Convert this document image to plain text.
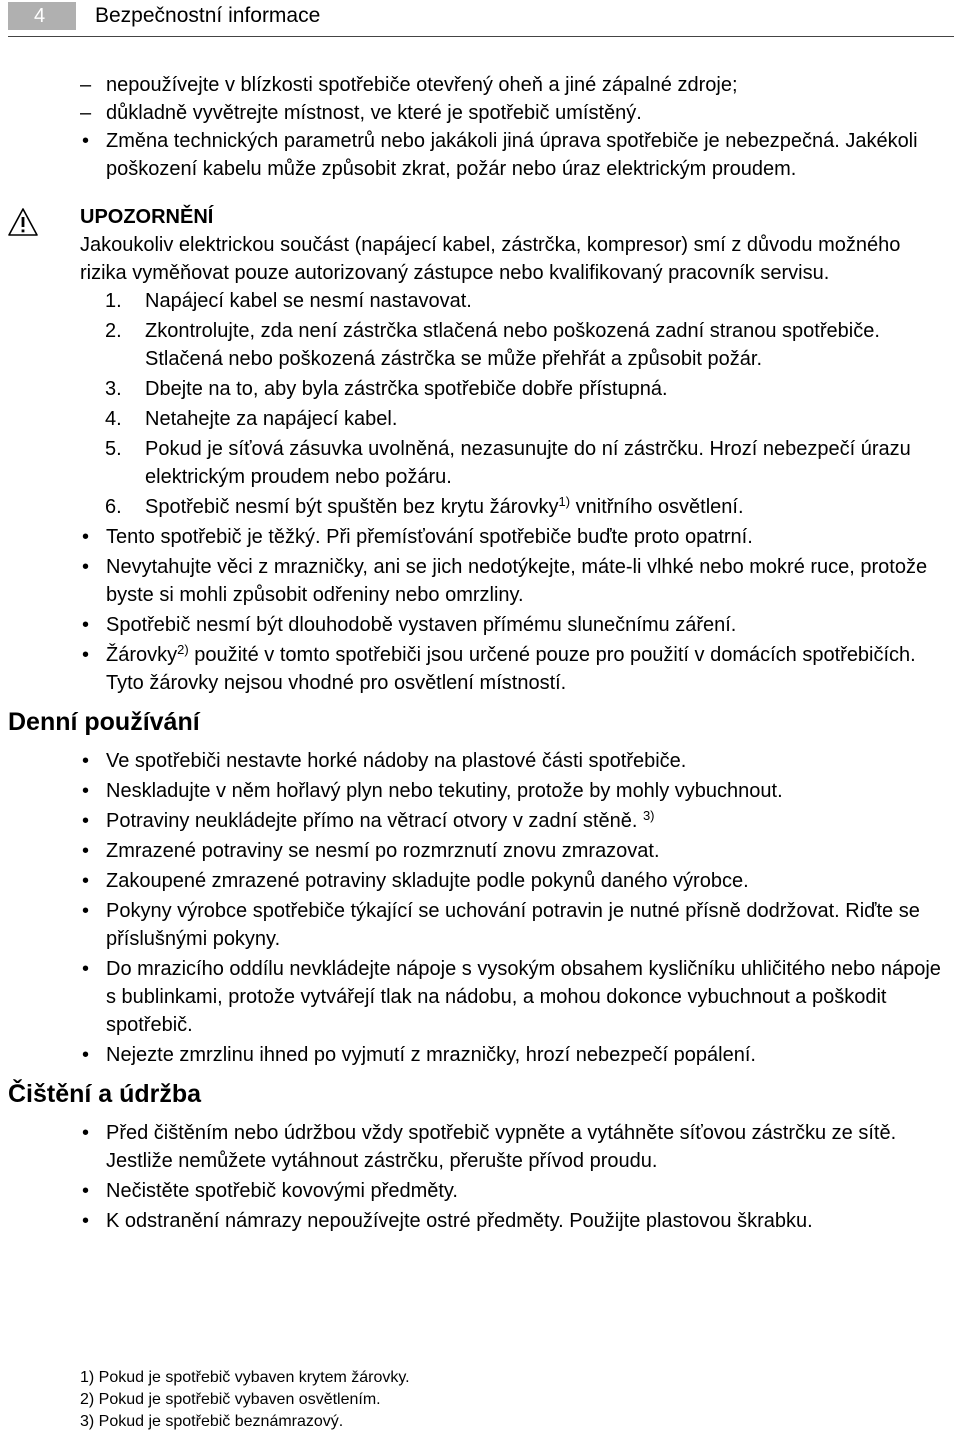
4	Bezpečnostní informace
– nepoužívejte v blízkosti spotřebiče otevřený oheň a jiné zápalné zdroje;
– důkladně vyvětrejte místnost, ve které je spotřebič umístěný.
• Změna technických parametrů nebo jakákoli jiná úprava spotřebiče je nebezpečná. Jakékoli poškození kabelu může způsobit zkrat, požár nebo úraz elektrickým proudem.

UPOZORNĚNÍ

Jakoukoliv elektrickou součást (napájecí kabel, zástrčka, kompresor) smí z důvodu možného rizika vyměňovat pouze autorizovaný zástupce nebo kvalifikovaný pracovník servisu.

1. Napájecí kabel se nesmí nastavovat.
2. Zkontrolujte, zda není zástrčka stlačená nebo poškozená zadní stranou spotřebiče. Stlačená nebo poškozená zástrčka se může přehřát a způsobit požár.
3. Dbejte na to, aby byla zástrčka spotřebiče dobře přístupná.
4. Netahejte za napájecí kabel.
5. Pokud je síťová zásuvka uvolněná, nezasunujte do ní zástrčku. Hrozí nebezpečí úrazu elektrickým proudem nebo požáru.
6. Spotřebič nesmí být spuštěn bez krytu žárovky$^{1)}$ vnitřního osvětlení.
• Tento spotřebič je těžký. Při přemísťování spotřebiče buďte proto opatrní.
• Nevytahujte věci z mrazničky, ani se jich nedotýkejte, máte-li vlhké nebo mokré ruce, protože byste si mohli způsobit odřeniny nebo omrzliny.
• Spotřebič nesmí být dlouhodobě vystaven přímému slunečnímu záření.
• Žárovky$^{2)}$ použité v tomto spotřebiči jsou určené pouze pro použití v domácích spotřebičích. Tyto žárovky nejsou vhodné pro osvětlení místností.
Denní používání
• Ve spotřebiči nestavte horké nádoby na plastové části spotřebiče.
• Neskladujte v něm hořlavý plyn nebo tekutiny, protože by mohly vybuchnout.
• Potraviny neukládejte přímo na větrací otvory v zadní stěně. $^{3)}$
• Zmrazené potraviny se nesmí po rozmrznutí znovu zmrazovat.
• Zakoupené zmrazené potraviny skladujte podle pokynů daného výrobce.
• Pokyny výrobce spotřebiče týkající se uchování potravin je nutné přísně dodržovat. Riďte se příslušnými pokyny.
• Do mrazicího oddílu nevkládejte nápoje s vysokým obsahem kysličníku uhličitého nebo nápoje s bublinkami, protože vytvářejí tlak na nádobu, a mohou dokonce vybuchnout a poškodit spotřebič.
• Nejezte zmrzlinu ihned po vyjmutí z mrazničky, hrozí nebezpečí popálení.
Čištění a údržba
• Před čištěním nebo údržbou vždy spotřebič vypněte a vytáhněte síťovou zástrčku ze sítě. Jestliže nemůžete vytáhnout zástrčku, přerušte přívod proudu.
• Nečistěte spotřebič kovovými předměty.
• K odstranění námrazy nepoužívejte ostré předměty. Použijte plastovou škrabku.
1) Pokud je spotřebič vybaven krytem žárovky.
2) Pokud je spotřebič vybaven osvětlením.
3) Pokud je spotřebič beznámrazový.
